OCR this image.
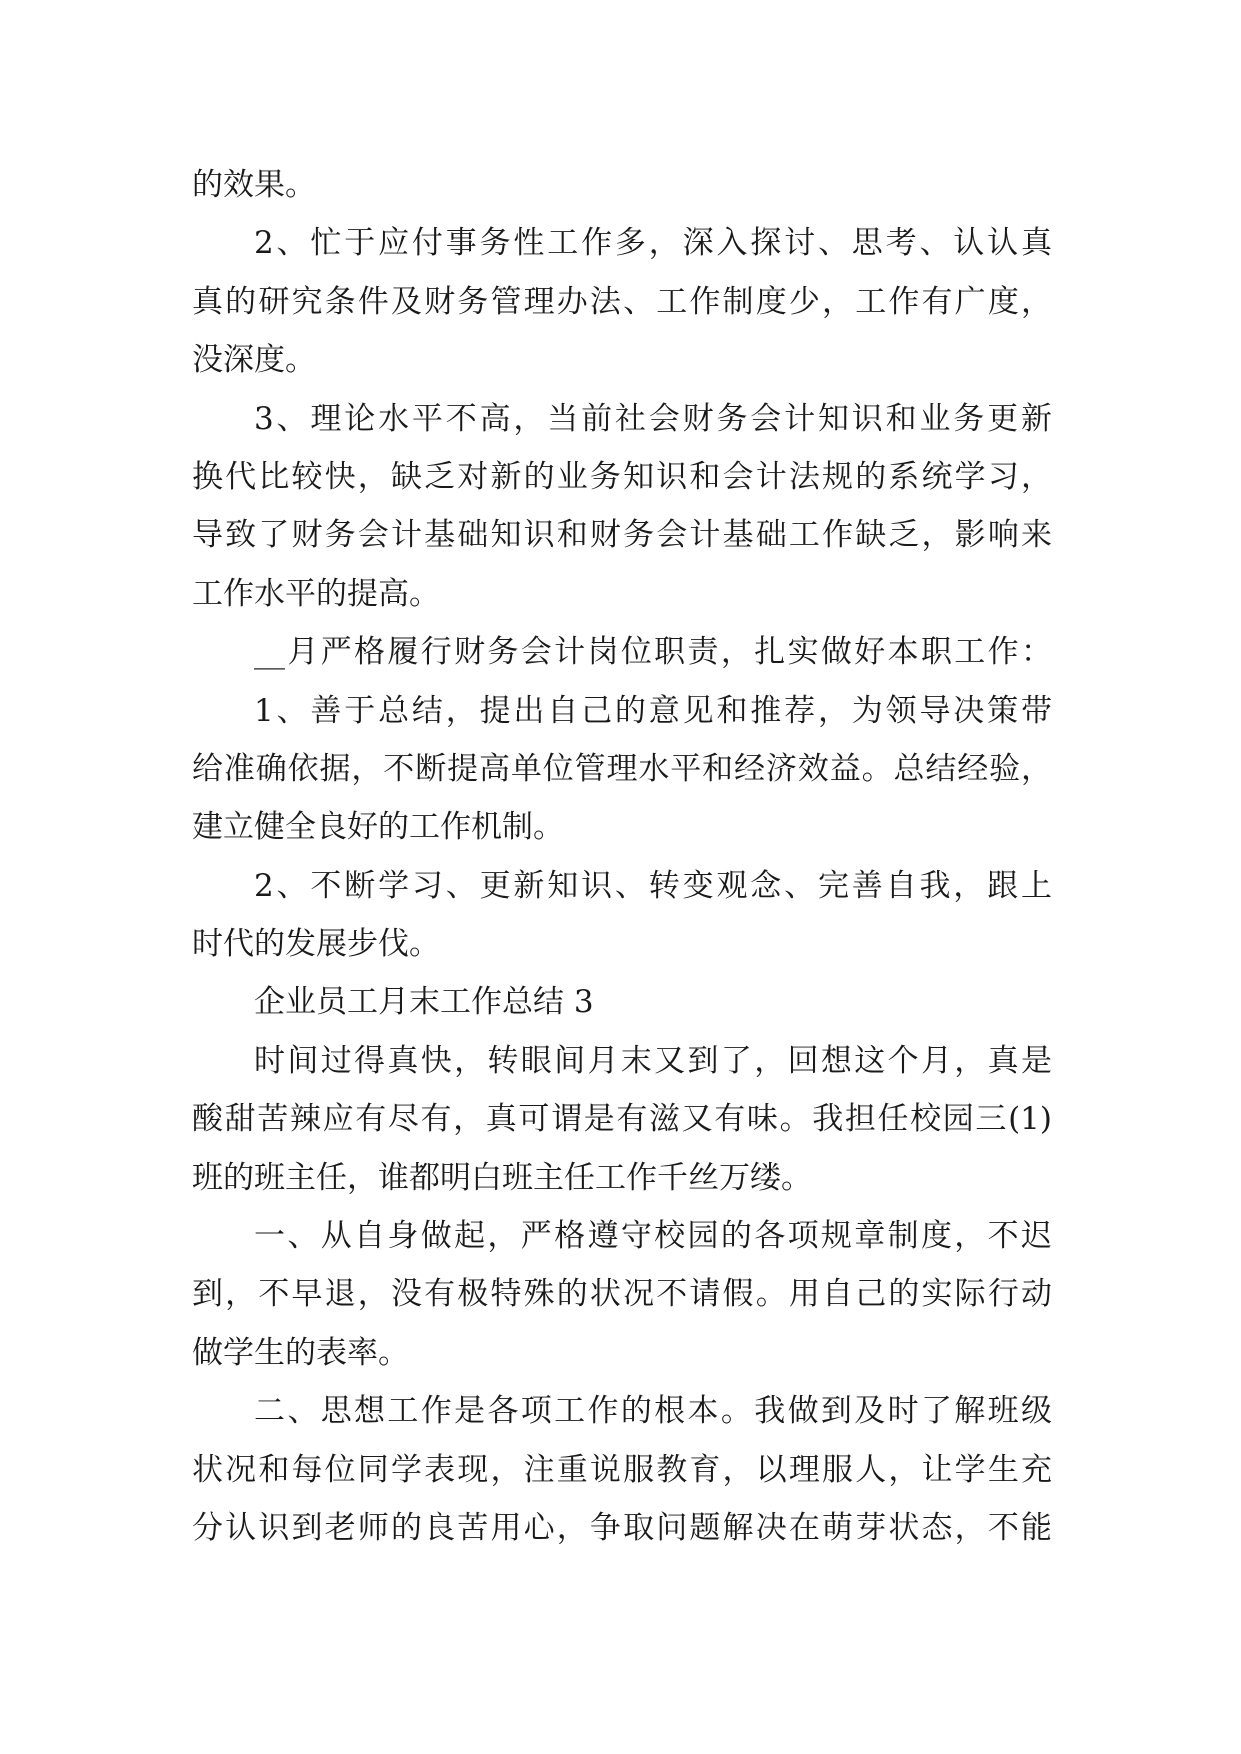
的效果。
2、忙于应付事务性工作多，深入探讨、思考、认认真
真的研究条件及财务管理办法、工作制度少，工作有广度，
没深度。
3、理论水平不高，当前社会财务会计知识和业务更新
换代比较快，缺乏对新的业务知识和会计法规的系统学习，
导致了财务会计基础知识和财务会计基础工作缺乏，影响来
工作水平的提高。
__月严格履行财务会计岗位职责，扎实做好本职工作：
1、善于总结，提出自己的意见和推荐，为领导决策带
给准确依据，不断提高单位管理水平和经济效益。总结经验，
建立健全良好的工作机制。
2、不断学习、更新知识、转变观念、完善自我，跟上
时代的发展步伐。
企业员工月末工作总结 3
时间过得真快，转眼间月末又到了，回想这个月，真是
酸甜苦辣应有尽有，真可谓是有滋又有味。我担任校园三(1)
班的班主任，谁都明白班主任工作千丝万缕。
一、从自身做起，严格遵守校园的各项规章制度，不迟
到，不早退，没有极特殊的状况不请假。用自己的实际行动
做学生的表率。
二、思想工作是各项工作的根本。我做到及时了解班级
状况和每位同学表现，注重说服教育，以理服人，让学生充
分认识到老师的良苦用心，争取问题解决在萌芽状态，不能
